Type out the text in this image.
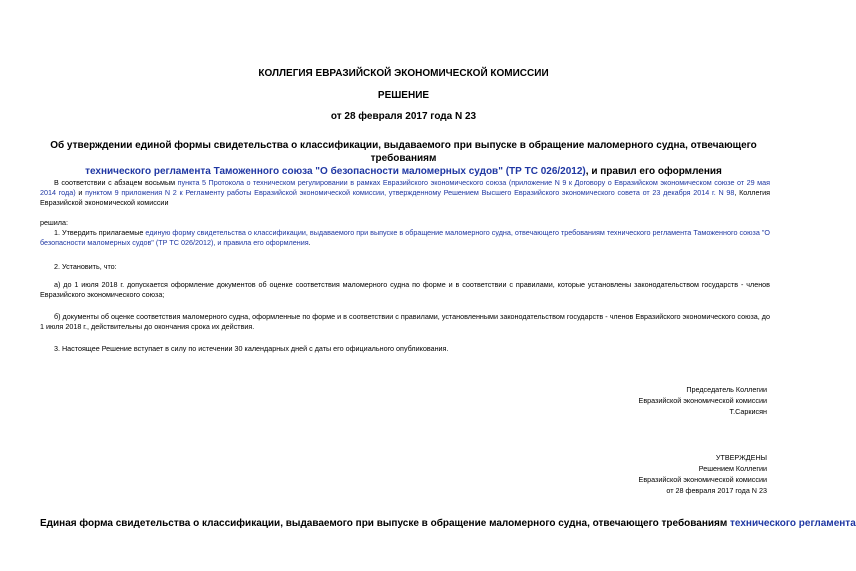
КОЛЛЕГИЯ ЕВРАЗИЙСКОЙ ЭКОНОМИЧЕСКОЙ КОМИССИИ
РЕШЕНИЕ
от 28 февраля 2017 года N 23
Об утверждении единой формы свидетельства о классификации, выдаваемого при выпуске в обращение маломерного судна, отвечающего требованиям
технического регламента Таможенного союза "О безопасности маломерных судов" (ТР ТС 026/2012), и правил его оформления
В соответствии с абзацем восьмым пункта 5 Протокола о техническом регулировании в рамках Евразийского экономического союза (приложение N 9 к Договору о Евразийском экономическом союзе от 29 мая 2014 года) и пунктом 9 приложения N 2 к Регламенту работы Евразийской экономической комиссии, утвержденному Решением Высшего Евразийского экономического совета от 23 декабря 2014 г. N 98, Коллегия Евразийской экономической комиссии
решила:
1. Утвердить прилагаемые единую форму свидетельства о классификации, выдаваемого при выпуске в обращение маломерного судна, отвечающего требованиям технического регламента Таможенного союза "О безопасности маломерных судов" (ТР ТС 026/2012), и правила его оформления.
2. Установить, что:
а) до 1 июля 2018 г. допускается оформление документов об оценке соответствия маломерного судна по форме и в соответствии с правилами, которые установлены законодательством государств - членов Евразийского экономического союза;
б) документы об оценке соответствия маломерного судна, оформленные по форме и в соответствии с правилами, установленными законодательством государств - членов Евразийского экономического союза, до 1 июля 2018 г., действительны до окончания срока их действия.
3. Настоящее Решение вступает в силу по истечении 30 календарных дней с даты его официального опубликования.
Председатель Коллегии
Евразийской экономической комиссии
Т.Саркисян
УТВЕРЖДЕНЫ
Решением Коллегии
Евразийской экономической комиссии
от 28 февраля 2017 года N 23
Единая форма свидетельства о классификации, выдаваемого при выпуске в обращение маломерного судна, отвечающего требованиям технического регламента
